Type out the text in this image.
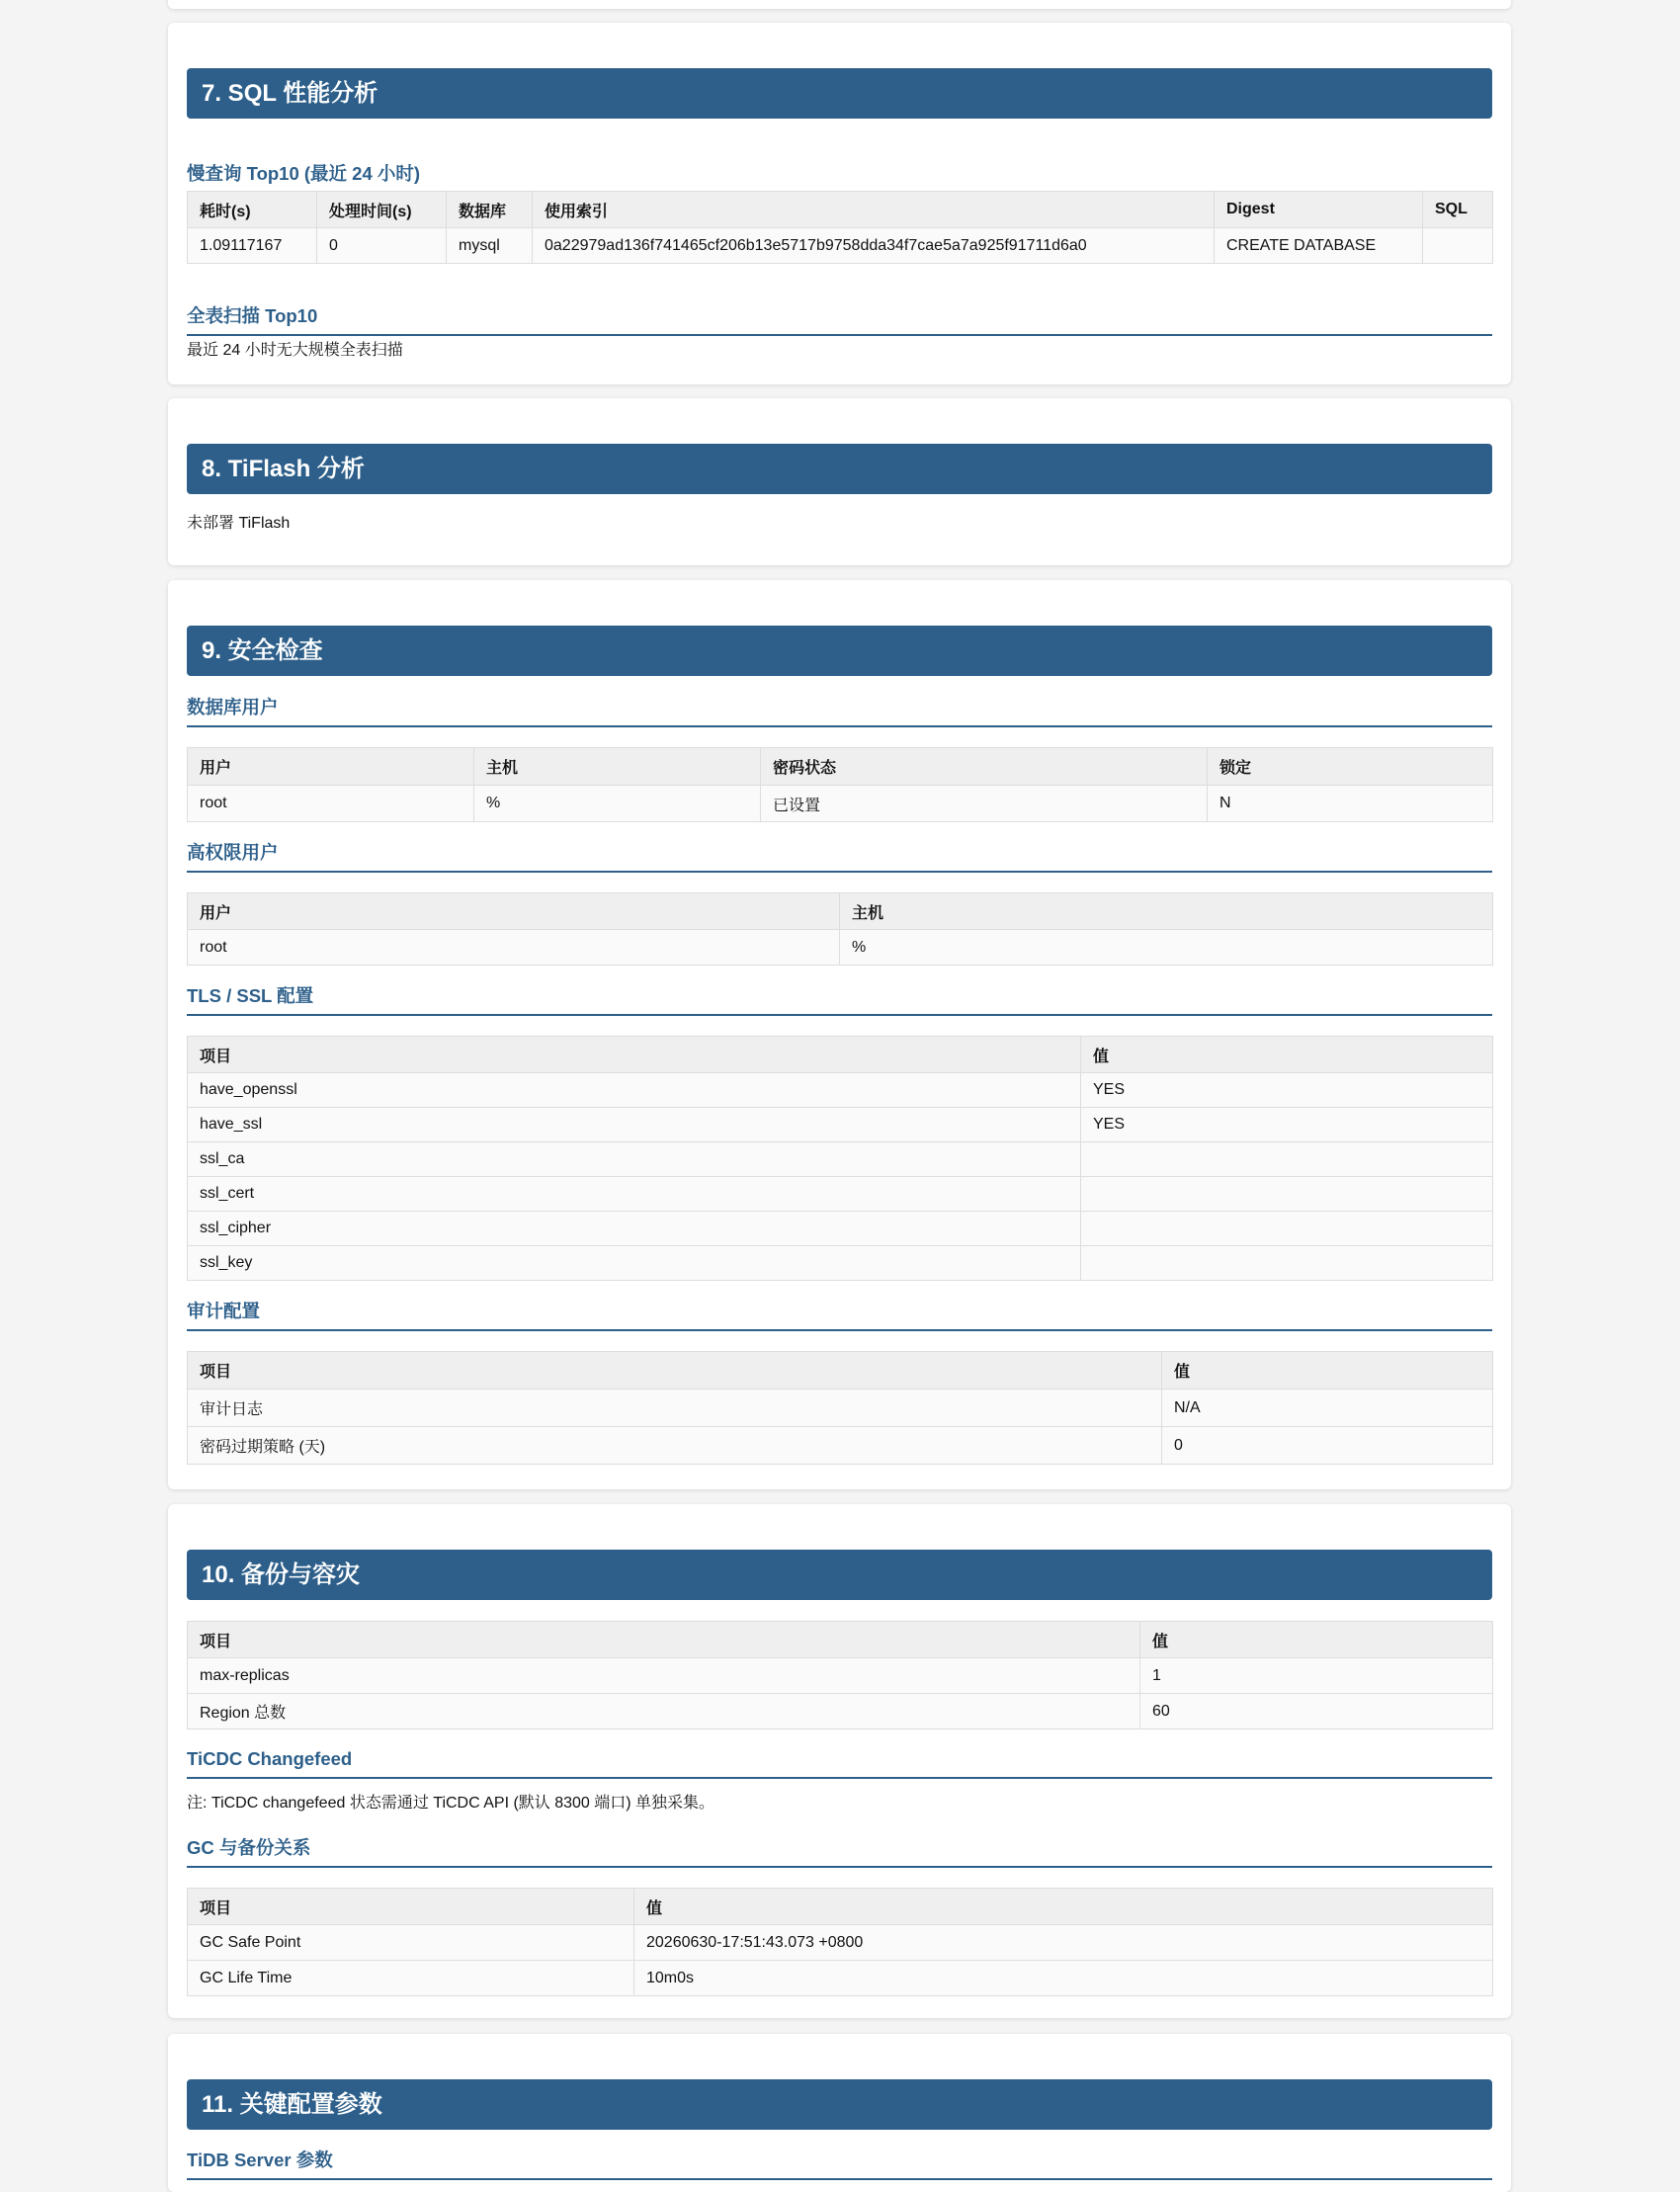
7. SQL 性能分析
慢查询 Top10 (最近 24 小时)
耗时(s)	处理时间(s)	数据库	使用索引	Digest	SQL
1.09117167	0	mysql	0a22979ad136f741465cf206b13e5717b9758dda34f7cae5a7a925f91711d6a0	CREATE DATABASE	
全表扫描 Top10
最近 24 小时无大规模全表扫描
8. TiFlash 分析
未部署 TiFlash
9. 安全检查
数据库用户
用户	主机	密码状态	锁定
root	%	已设置	N
高权限用户
用户	主机
root	%
TLS / SSL 配置
项目	值
have_openssl	YES
have_ssl	YES
ssl_ca	
ssl_cert	
ssl_cipher	
ssl_key	
审计配置
项目	值
审计日志	N/A
密码过期策略 (天)	0
10. 备份与容灾
项目	值
max-replicas	1
Region 总数	60
TiCDC Changefeed
注: TiCDC changefeed 状态需通过 TiCDC API (默认 8300 端口) 单独采集。
GC 与备份关系
项目	值
GC Safe Point	20260630-17:51:43.073 +0800
GC Life Time	10m0s
11. 关键配置参数
TiDB Server 参数
